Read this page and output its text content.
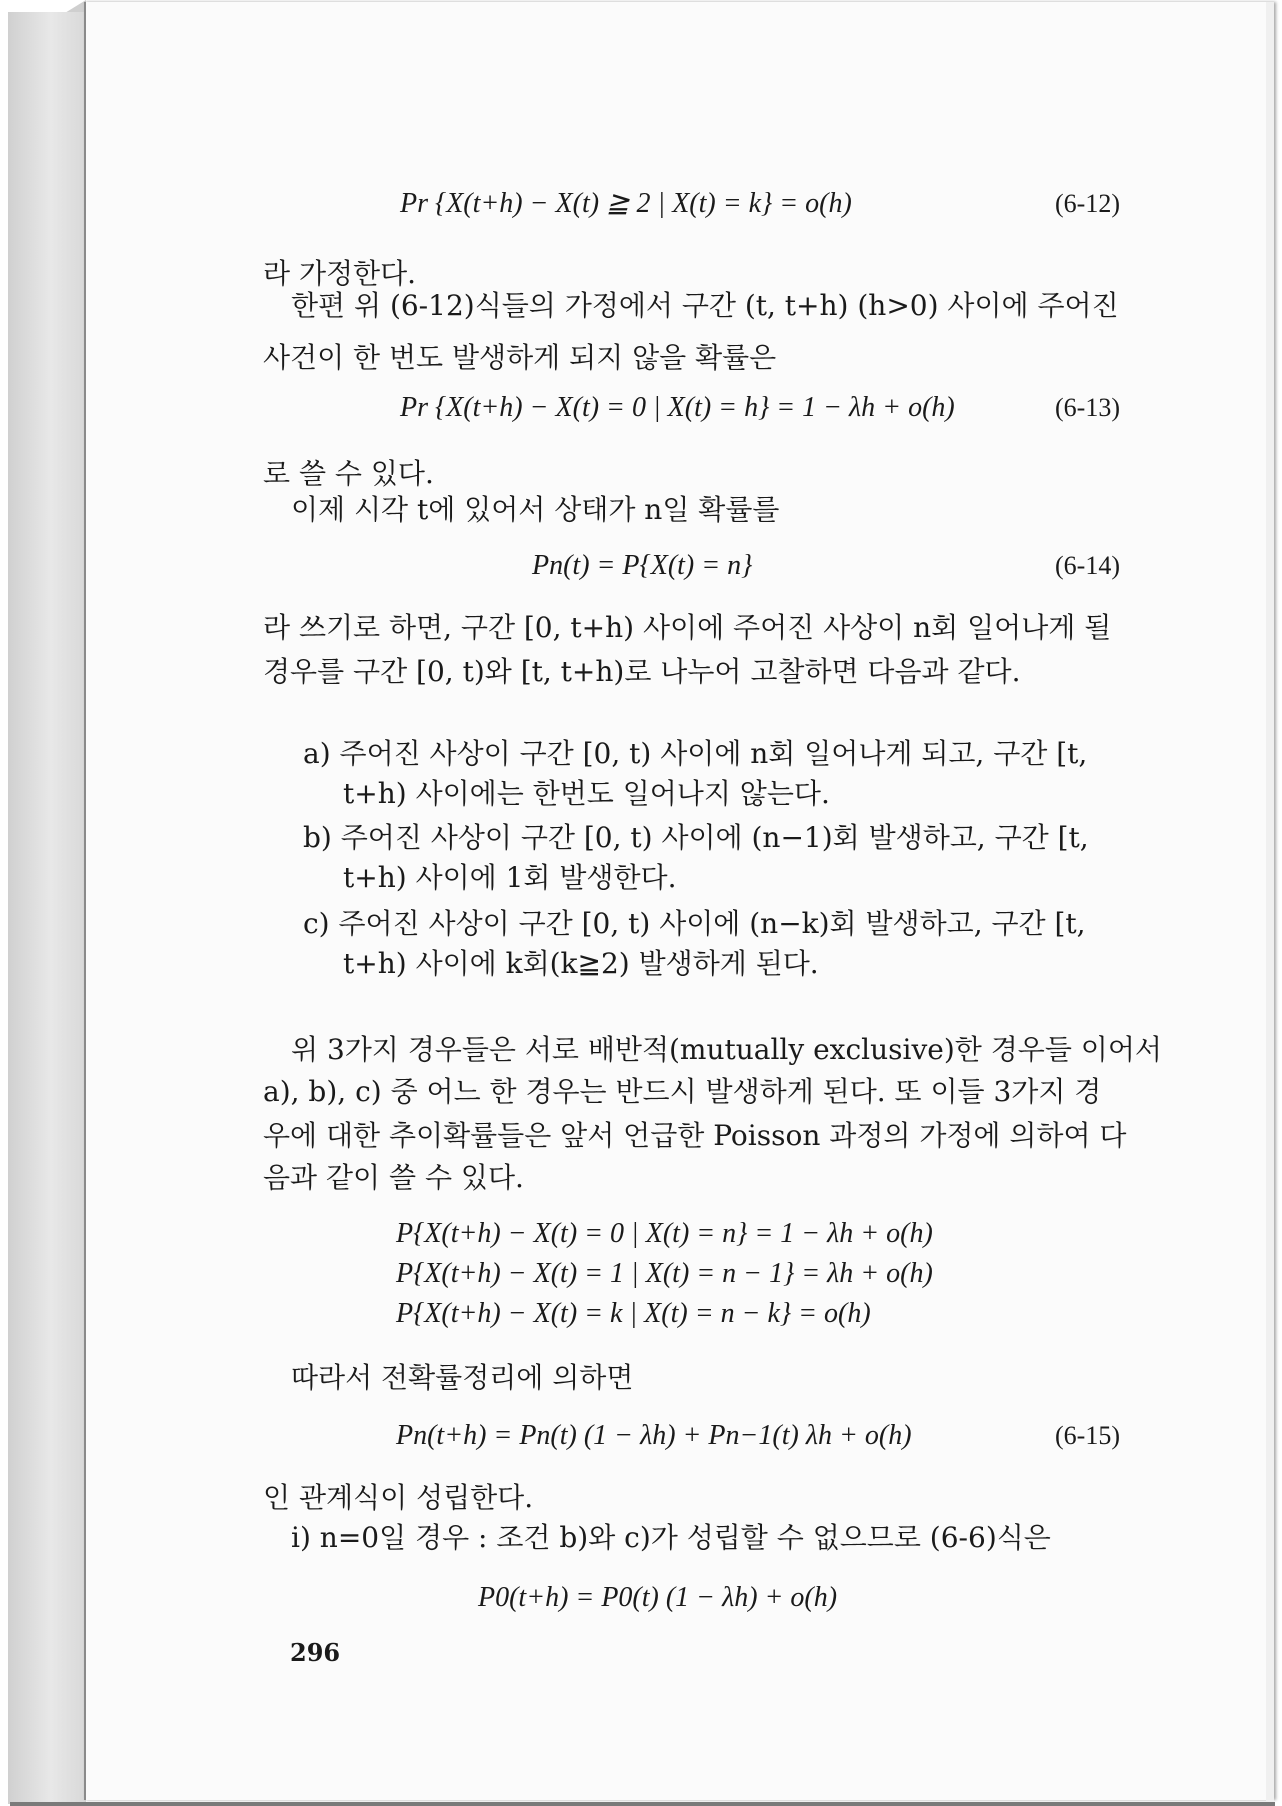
Pr {X(t+h) − X(t) ≧ 2 | X(t) = k} = o(h)	(6-12)
라 가정한다.
한편 위 (6-12)식들의 가정에서 구간 (t, t+h) (h>0) 사이에 주어진
사건이 한 번도 발생하게 되지 않을 확률은
Pr {X(t+h) − X(t) = 0 | X(t) = h} = 1 − λh + o(h)	(6-13)
로 쓸 수 있다.
이제 시각 t에 있어서 상태가 n일 확률를
Pn(t) = P{X(t) = n}	(6-14)
라 쓰기로 하면, 구간 [0, t+h) 사이에 주어진 사상이 n회 일어나게 될
경우를 구간 [0, t)와 [t, t+h)로 나누어 고찰하면 다음과 같다.
a) 주어진 사상이 구간 [0, t) 사이에 n회 일어나게 되고, 구간 [t,
t+h) 사이에는 한번도 일어나지 않는다.
b) 주어진 사상이 구간 [0, t) 사이에 (n−1)회 발생하고, 구간 [t,
t+h) 사이에 1회 발생한다.
c) 주어진 사상이 구간 [0, t) 사이에 (n−k)회 발생하고, 구간 [t,
t+h) 사이에 k회(k≧2) 발생하게 된다.
위 3가지 경우들은 서로 배반적(mutually exclusive)한 경우들 이어서
a), b), c) 중 어느 한 경우는 반드시 발생하게 된다. 또 이들 3가지 경
우에 대한 추이확률들은 앞서 언급한 Poisson 과정의 가정에 의하여 다
음과 같이 쓸 수 있다.
P{X(t+h) − X(t) = 0 | X(t) = n} = 1 − λh + o(h)
P{X(t+h) − X(t) = 1 | X(t) = n − 1} = λh + o(h)
P{X(t+h) − X(t) = k | X(t) = n − k} = o(h)
따라서 전확률정리에 의하면
Pn(t+h) = Pn(t) (1 − λh) + Pn−1(t) λh + o(h)	(6-15)
인 관계식이 성립한다.
i) n=0일 경우 : 조건 b)와 c)가 성립할 수 없으므로 (6-6)식은
P0(t+h) = P0(t) (1 − λh) + o(h)
296
